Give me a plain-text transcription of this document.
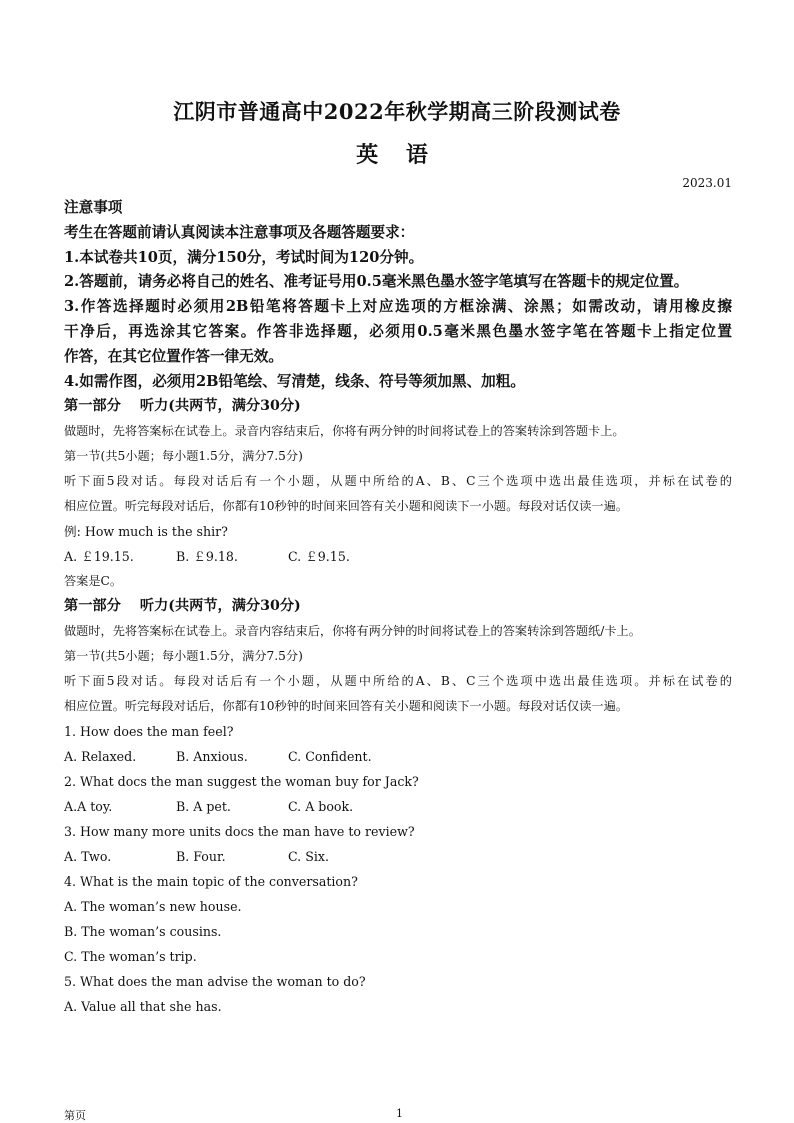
江阴市普通高中2022年秋学期高三阶段测试卷
英 语
2023.01
注意事项
考生在答题前请认真阅读本注意事项及各题答题要求：
1.本试卷共10页，满分150分，考试时间为120分钟。
2.答题前，请务必将自己的姓名、准考证号用0.5毫米黑色墨水签字笔填写在答题卡的规定位置。
3.作答选择题时必须用2B铅笔将答题卡上对应选项的方框涂满、涂黑；如需改动，请用橡皮擦
干净后，再选涂其它答案。作答非选择题，必须用0.5毫米黑色墨水签字笔在答题卡上指定位置
作答，在其它位置作答一律无效。
4.如需作图，必须用2B铅笔绘、写清楚，线条、符号等须加黑、加粗。
第一部分　 听力(共两节，满分30分)
做题时，先将答案标在试卷上。录音内容结束后，你将有两分钟的时间将试卷上的答案转涂到答题卡上。
第一节(共5小题；每小题1.5分，满分7.5分)
听下面5段对话。每段对话后有一个小题，从题中所给的A、B、C三个选项中选出最佳选项，并标在试卷的
相应位置。听完每段对话后，你都有10秒钟的时间来回答有关小题和阅读下一小题。每段对话仅读一遍。
例: How much is the shir?
A. ￡19.15.	B. ￡9.18.	C. ￡9.15.
答案是C。
第一部分　 听力(共两节，满分30分)
做题时，先将答案标在试卷上。录音内容结束后，你将有两分钟的时间将试卷上的答案转涂到答题纸/卡上。
第一节(共5小题；每小题1.5分，满分7.5分)
听下面5段对话。每段对话后有一个小题，从题中所给的A、B、C三个选项中选出最佳选项。并标在试卷的
相应位置。听完每段对话后，你都有10秒钟的时间来回答有关小题和阅读下一小题。每段对话仅读一遍。
1. How does the man feel?
A. Relaxed.	B. Anxious.	C. Confident.
2. What docs the man suggest the woman buy for Jack?
A.A toy.	B. A pet.	C. A book.
3. How many more units docs the man have to review?
A. Two.	B. Four.	C. Six.
4. What is the main topic of the conversation?
A. The woman’s new house.
B. The woman’s cousins.
C. The woman’s trip.
5. What does the man advise the woman to do?
A. Value all that she has.
第页	1
